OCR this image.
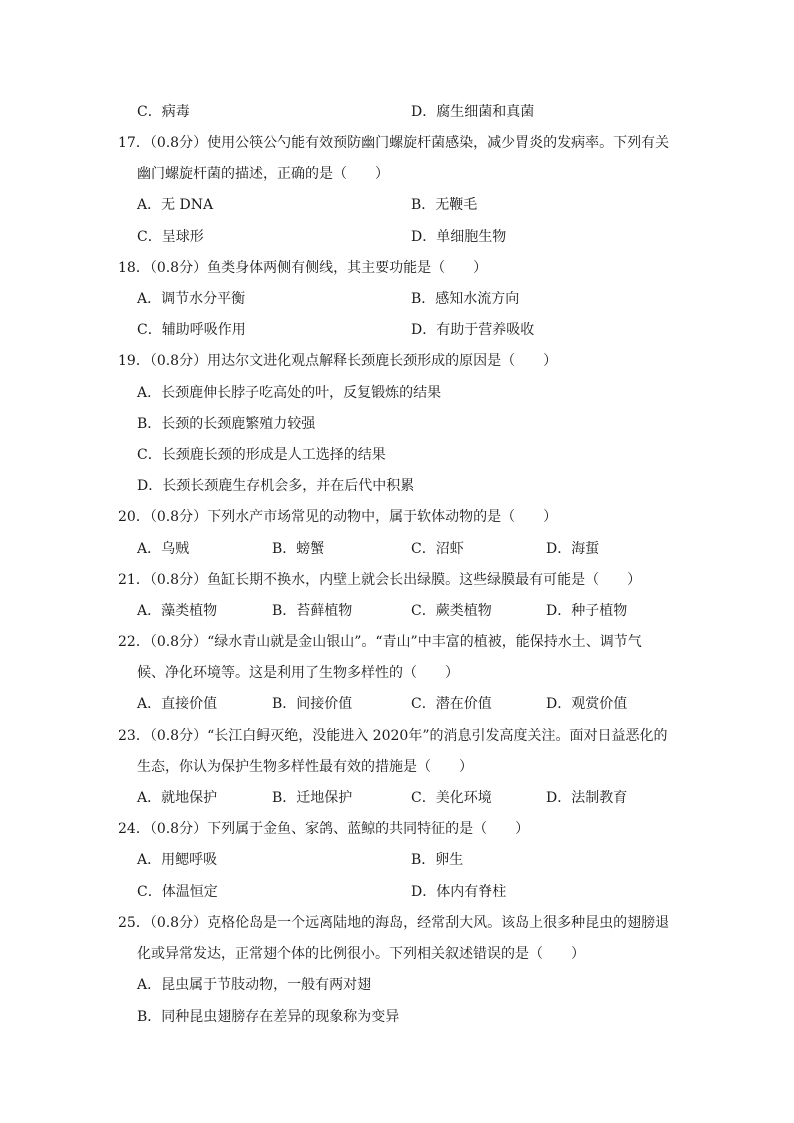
C．病毒	D．腐生细菌和真菌
17．（0.8分）使用公筷公勺能有效预防幽门螺旋杆菌感染，减少胃炎的发病率。下列有关
幽门螺旋杆菌的描述，正确的是（　　）
A．无 DNA	B．无鞭毛
C．呈球形	D．单细胞生物
18．（0.8分）鱼类身体两侧有侧线，其主要功能是（　　）
A．调节水分平衡	B．感知水流方向
C．辅助呼吸作用	D．有助于营养吸收
19．（0.8分）用达尔文进化观点解释长颈鹿长颈形成的原因是（　　）
A．长颈鹿伸长脖子吃高处的叶，反复锻炼的结果
B．长颈的长颈鹿繁殖力较强
C．长颈鹿长颈的形成是人工选择的结果
D．长颈长颈鹿生存机会多，并在后代中积累
20．（0.8分）下列水产市场常见的动物中，属于软体动物的是（　　）
A．乌贼	B．螃蟹	C．沼虾	D．海蜇
21．（0.8分）鱼缸长期不换水，内壁上就会长出绿膜。这些绿膜最有可能是（　　）
A．藻类植物	B．苔藓植物	C．蕨类植物	D．种子植物
22．（0.8分）“绿水青山就是金山银山”。“青山”中丰富的植被，能保持水土、调节气
候、净化环境等。这是利用了生物多样性的（　　）
A．直接价值	B．间接价值	C．潜在价值	D．观赏价值
23．（0.8分）“长江白鲟灭绝，没能进入 2020年”的消息引发高度关注。面对日益恶化的
生态，你认为保护生物多样性最有效的措施是（　　）
A．就地保护	B．迁地保护	C．美化环境	D．法制教育
24．（0.8分）下列属于金鱼、家鸽、蓝鲸的共同特征的是（　　）
A．用鳃呼吸	B．卵生
C．体温恒定	D．体内有脊柱
25．（0.8分）克格伦岛是一个远离陆地的海岛，经常刮大风。该岛上很多种昆虫的翅膀退
化或异常发达，正常翅个体的比例很小。下列相关叙述错误的是（　　）
A．昆虫属于节肢动物，一般有两对翅
B．同种昆虫翅膀存在差异的现象称为变异
